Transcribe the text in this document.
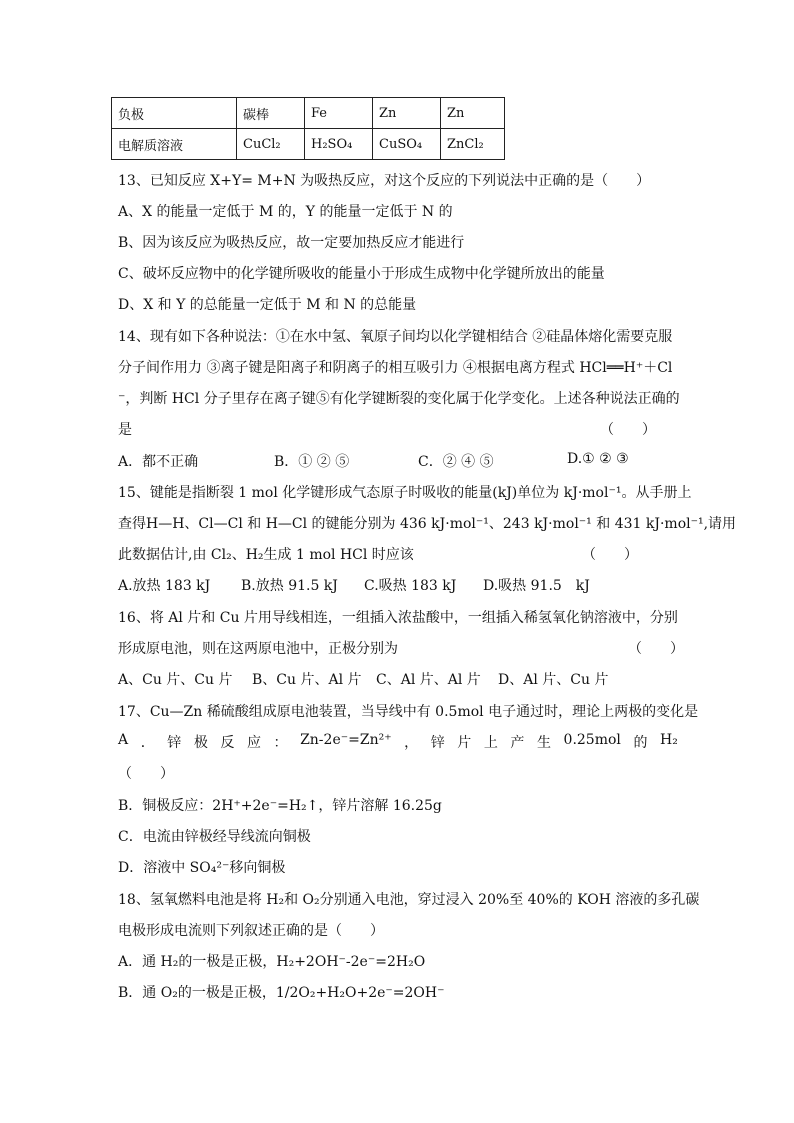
负极	碳棒	Fe	Zn	Zn
电解质溶液	CuCl₂	H₂SO₄	CuSO₄	ZnCl₂
13、已知反应 X+Y= M+N 为吸热反应，对这个反应的下列说法中正确的是（　　）
A、X 的能量一定低于 M 的，Y 的能量一定低于 N 的
B、因为该反应为吸热反应，故一定要加热反应才能进行
C、破坏反应物中的化学键所吸收的能量小于形成生成物中化学键所放出的能量
D、X 和 Y 的总能量一定低于 M 和 N 的总能量
14、现有如下各种说法：①在水中氢、氧原子间均以化学键相结合 ②硅晶体熔化需要克服
分子间作用力 ③离子键是阳离子和阴离子的相互吸引力 ④根据电离方程式 HCl══H⁺＋Cl
⁻，判断 HCl 分子里存在离子键⑤有化学键断裂的变化属于化学变化。上述各种说法正确的
是	（　　）
A．都不正确	B．① ② ⑤	C．② ④ ⑤	D.① ② ③
15、键能是指断裂 1 mol 化学键形成气态原子时吸收的能量(kJ)单位为 kJ·mol⁻¹。从手册上
查得H—H、Cl—Cl 和 H—Cl 的键能分别为 436 kJ·mol⁻¹、243 kJ·mol⁻¹ 和 431 kJ·mol⁻¹,请用
此数据估计,由 Cl₂、H₂生成 1 mol HCl 时应该	（　　）
A.放热 183 kJ B.放热 91.5 kJ C.吸热 183 kJ D.吸热 91.5　kJ
16、将 Al 片和 Cu 片用导线相连，一组插入浓盐酸中，一组插入稀氢氧化钠溶液中，分别
形成原电池，则在这两原电池中，正极分别为	（　　）
A、Cu 片、Cu 片 B、Cu 片、Al 片 C、Al 片、Al 片 D、Al 片、Cu 片
17、Cu—Zn 稀硫酸组成原电池装置，当导线中有 0.5mol 电子通过时，理论上两极的变化是
A ． 锌 极 反 应 ： Zn-2e⁻=Zn²⁺ ， 锌 片 上 产 生 0.25mol 的 H₂
（　　）
B．铜极反应：2H⁺+2e⁻=H₂↑，锌片溶解 16.25g
C．电流由锌极经导线流向铜极
D．溶液中 SO₄²⁻移向铜极
18、氢氧燃料电池是将 H₂和 O₂分别通入电池，穿过浸入 20%至 40%的 KOH 溶液的多孔碳
电极形成电流则下列叙述正确的是（　　）
A．通 H₂的一极是正极，H₂+2OH⁻-2e⁻=2H₂O
B．通 O₂的一极是正极，1/2O₂+H₂O+2e⁻=2OH⁻
